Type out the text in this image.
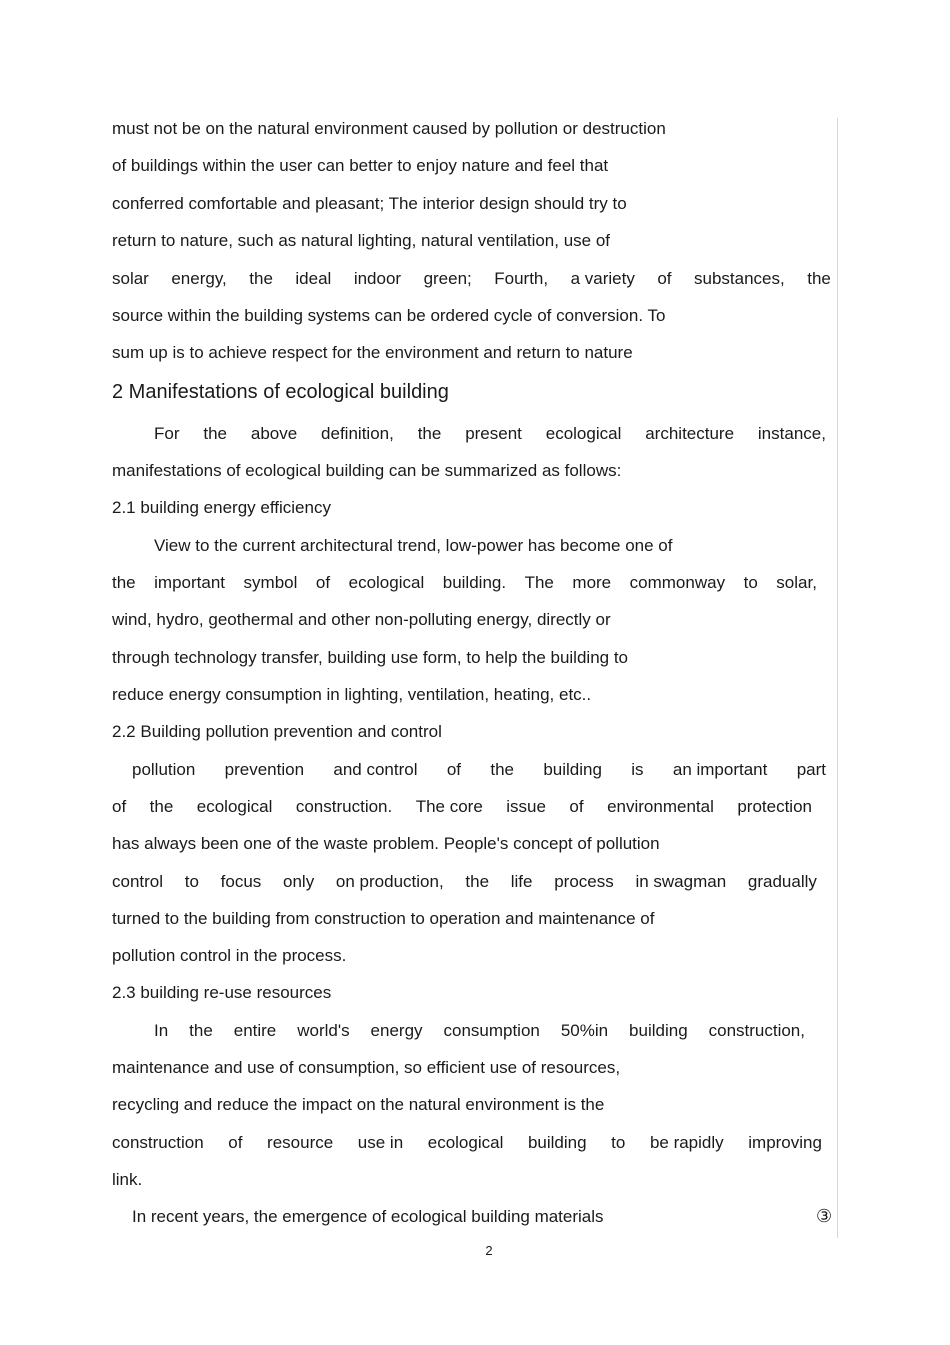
must not be on the natural environment caused by pollution or destruction
of buildings within the user can better to enjoy nature and feel that
conferred comfortable and pleasant; The interior design should try to
return to nature, such as natural lighting, natural ventilation, use of
solar energy, the ideal indoor green; Fourth, a variety of substances, the
source within the building systems can be ordered cycle of conversion. To
sum up is to achieve respect for the environment and return to nature
2 Manifestations of ecological building
For the above definition, the present ecological architecture instance,
manifestations of ecological building can be summarized as follows:
2.1 building energy efficiency
View to the current architectural trend, low-power has become one of
the important symbol of ecological building. The more commonway to solar,
wind, hydro, geothermal and other non-polluting energy, directly or
through technology transfer, building use form, to help the building to
reduce energy consumption in lighting, ventilation, heating, etc..
2.2 Building pollution prevention and control
pollution prevention and control of the building is an important part
of the ecological construction. The core issue of environmental protection
has always been one of the waste problem. People's concept of pollution
control to focus only on production, the life process in swagman gradually
turned to the building from construction to operation and maintenance of
pollution control in the process.
2.3 building re-use resources
In the entire world's energy consumption 50%in building construction,
maintenance and use of consumption, so efficient use of resources,
recycling and reduce the impact on the natural environment is the
construction of resource use in ecological building to be rapidly improving
link.
In recent years, the emergence of ecological building materials	③
2
